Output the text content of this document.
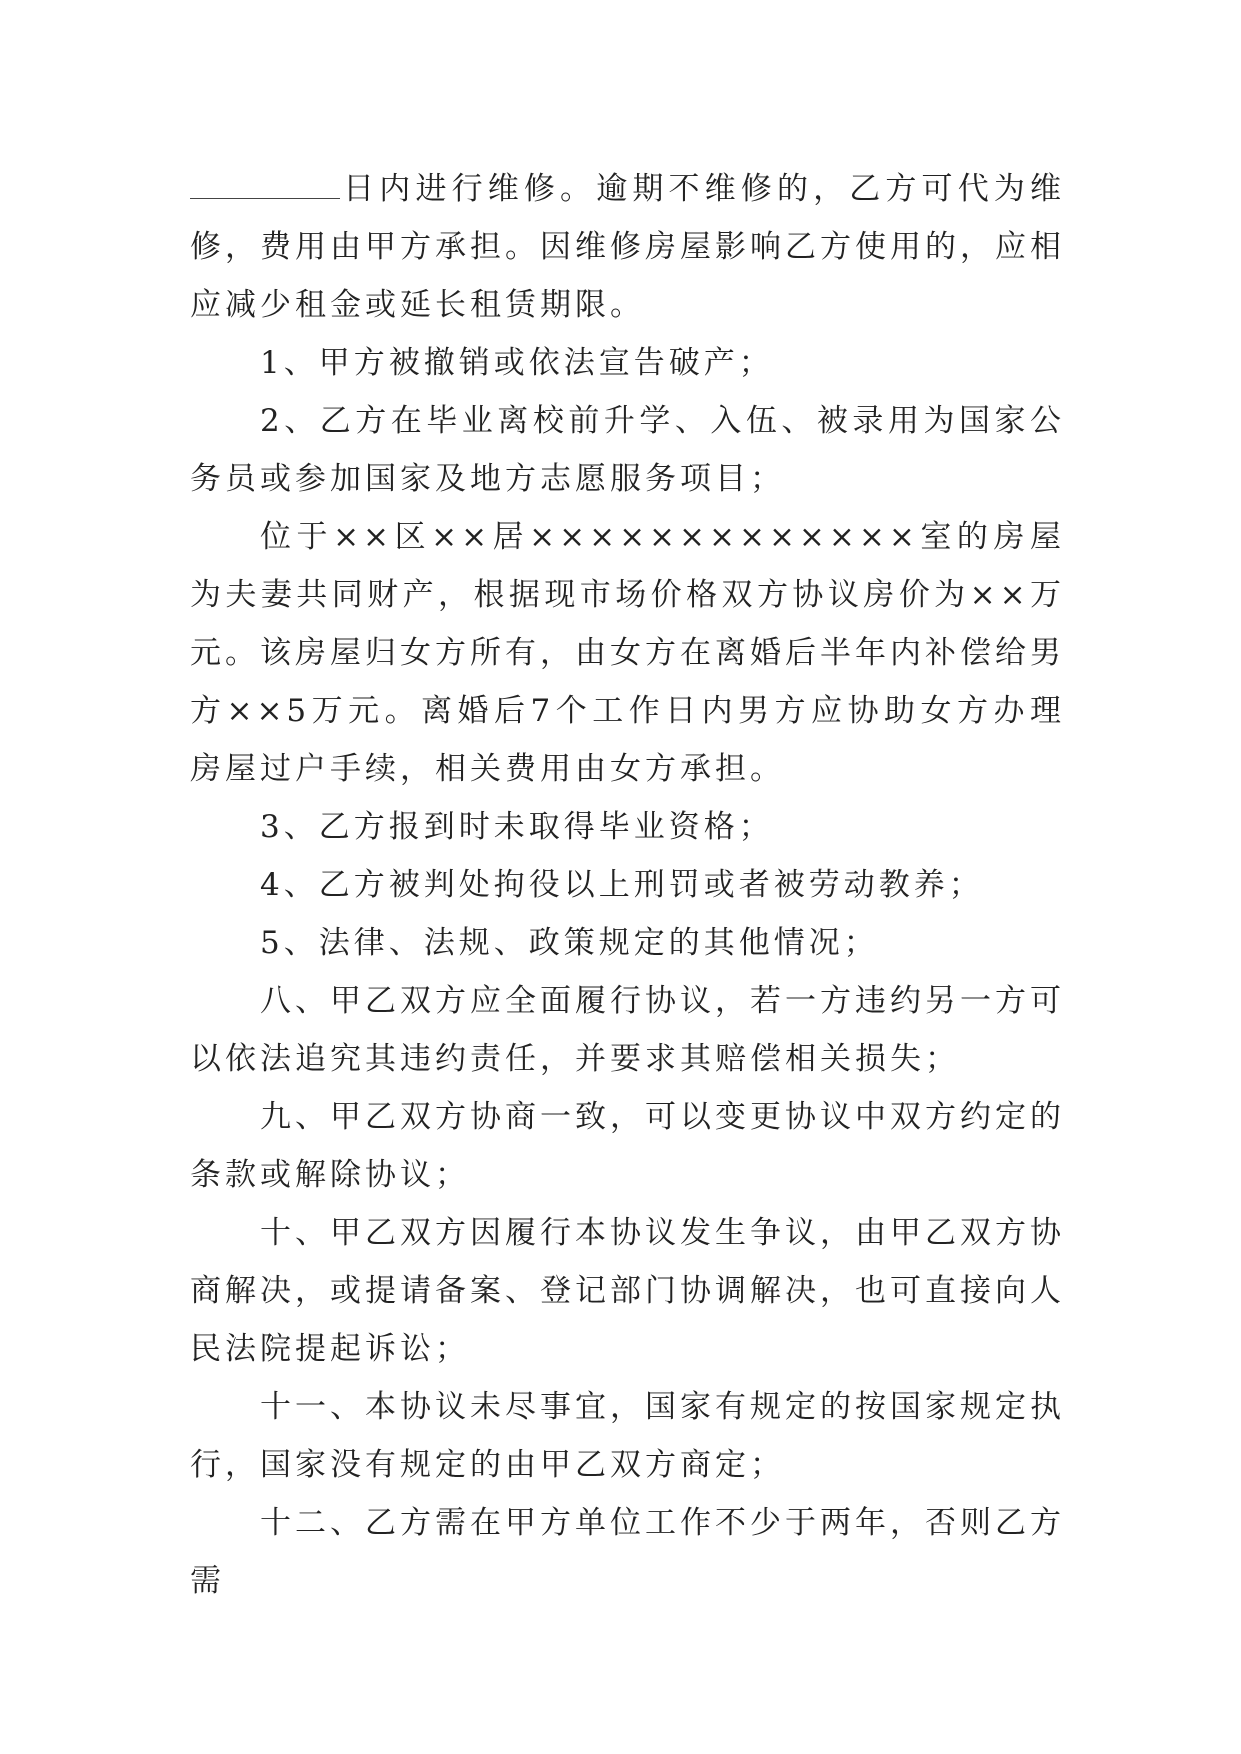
日内进行维修。逾期不维修的，乙方可代为维修，费用由甲方承担。因维修房屋影响乙方使用的，应相应减少租金或延长租赁期限。

1、甲方被撤销或依法宣告破产；

2、乙方在毕业离校前升学、入伍、被录用为国家公务员或参加国家及地方志愿服务项目；

位于××区××居×××××××××××××室的房屋为夫妻共同财产，根据现市场价格双方协议房价为××万元。该房屋归女方所有，由女方在离婚后半年内补偿给男方××5万元。离婚后7个工作日内男方应协助女方办理房屋过户手续，相关费用由女方承担。

3、乙方报到时未取得毕业资格；

4、乙方被判处拘役以上刑罚或者被劳动教养；

5、法律、法规、政策规定的其他情况；

八、甲乙双方应全面履行协议，若一方违约另一方可以依法追究其违约责任，并要求其赔偿相关损失；

九、甲乙双方协商一致，可以变更协议中双方约定的条款或解除协议；

十、甲乙双方因履行本协议发生争议，由甲乙双方协商解决，或提请备案、登记部门协调解决，也可直接向人民法院提起诉讼；

十一、本协议未尽事宜，国家有规定的按国家规定执行，国家没有规定的由甲乙双方商定；

十二、乙方需在甲方单位工作不少于两年，否则乙方需
